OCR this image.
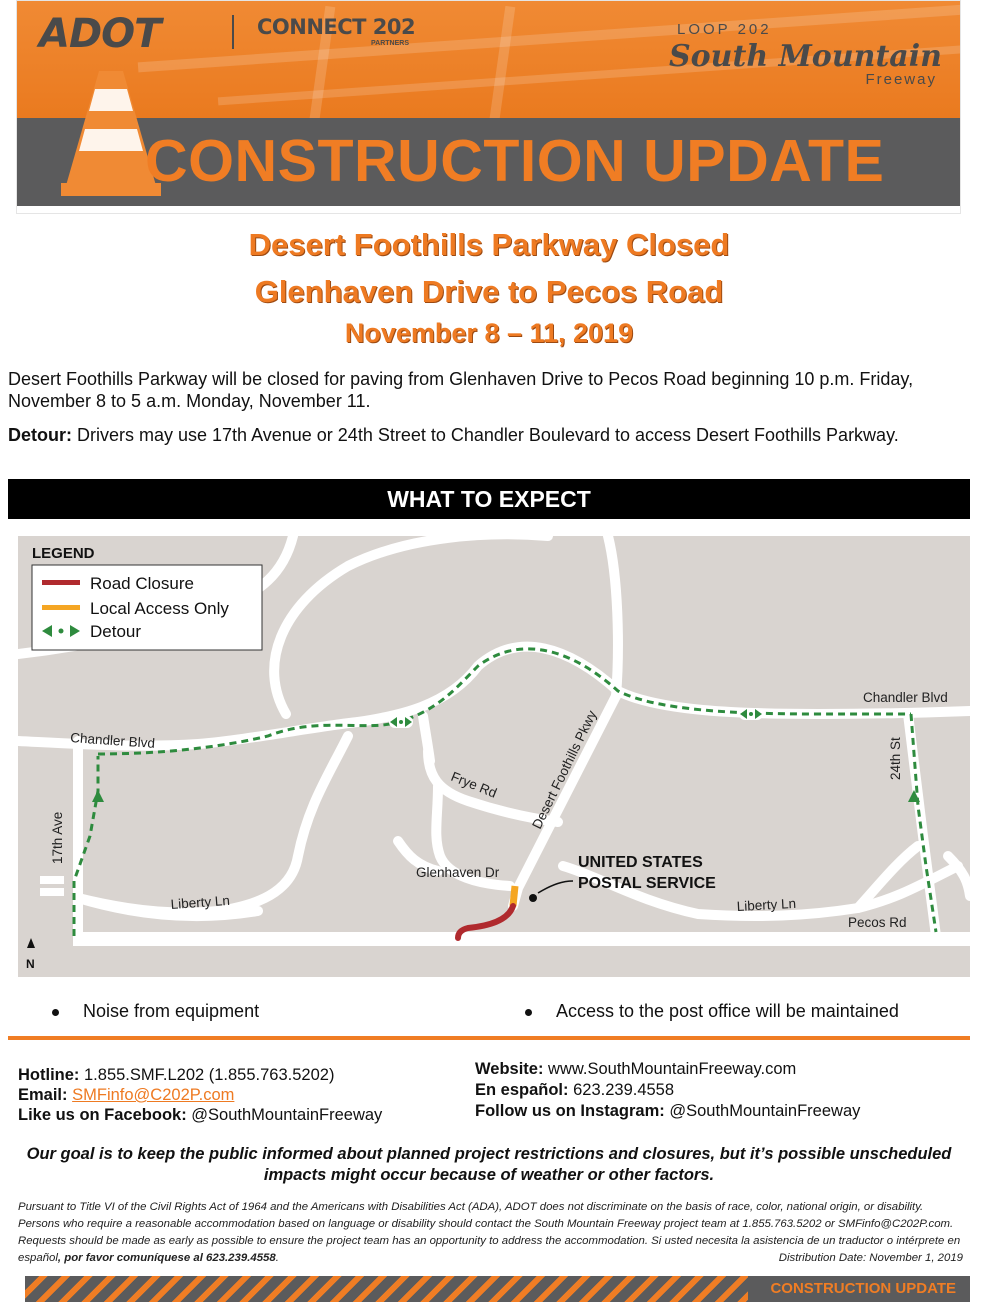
ADOT	CONNECT 202
PARTNERS
LOOP 202
South Mountain
Freeway
CONSTRUCTION UPDATE
Desert Foothills Parkway Closed
Glenhaven Drive to Pecos Road
November 8 – 11, 2019
Desert Foothills Parkway will be closed for paving from Glenhaven Drive to Pecos Road beginning 10 p.m. Friday, November 8 to 5 a.m. Monday, November 11.
Detour: Drivers may use 17th Avenue or 24th Street to Chandler Boulevard to access Desert Foothills Parkway.
WHAT TO EXPECT
Chandler Blvd
Chandler Blvd
17th Ave
24th St
Frye Rd Desert Foothills Pkwy
Glenhaven Dr
Liberty Ln	Liberty Ln
Pecos Rd
UNITED STATES
POSTAL SERVICE
N
LEGEND
Road Closure
Local Access Only
Detour
Noise from equipment	Access to the post office will be maintained
Hotline: 1.855.SMF.L202 (1.855.763.5202)
Email: SMFinfo@C202P.com
Like us on Facebook: @SouthMountainFreeway
Website: www.SouthMountainFreeway.com
En español: 623.239.4558
Follow us on Instagram: @SouthMountainFreeway
Our goal is to keep the public informed about planned project restrictions and closures, but it’s possible unscheduled impacts might occur because of weather or other factors.
Pursuant to Title VI of the Civil Rights Act of 1964 and the Americans with Disabilities Act (ADA), ADOT does not discriminate on the basis of race, color, national origin, or disability. Persons who require a reasonable accommodation based on language or disability should contact the South Mountain Freeway project team at 1.855.763.5202 or SMFinfo@C202P.com. Requests should be made as early as possible to ensure the project team has an opportunity to address the accommodation. Si usted necesita la asistencia de un traductor o intérprete en español, por favor comuníquese al 623.239.4558.	Distribution Date: November 1, 2019
CONSTRUCTION UPDATE
